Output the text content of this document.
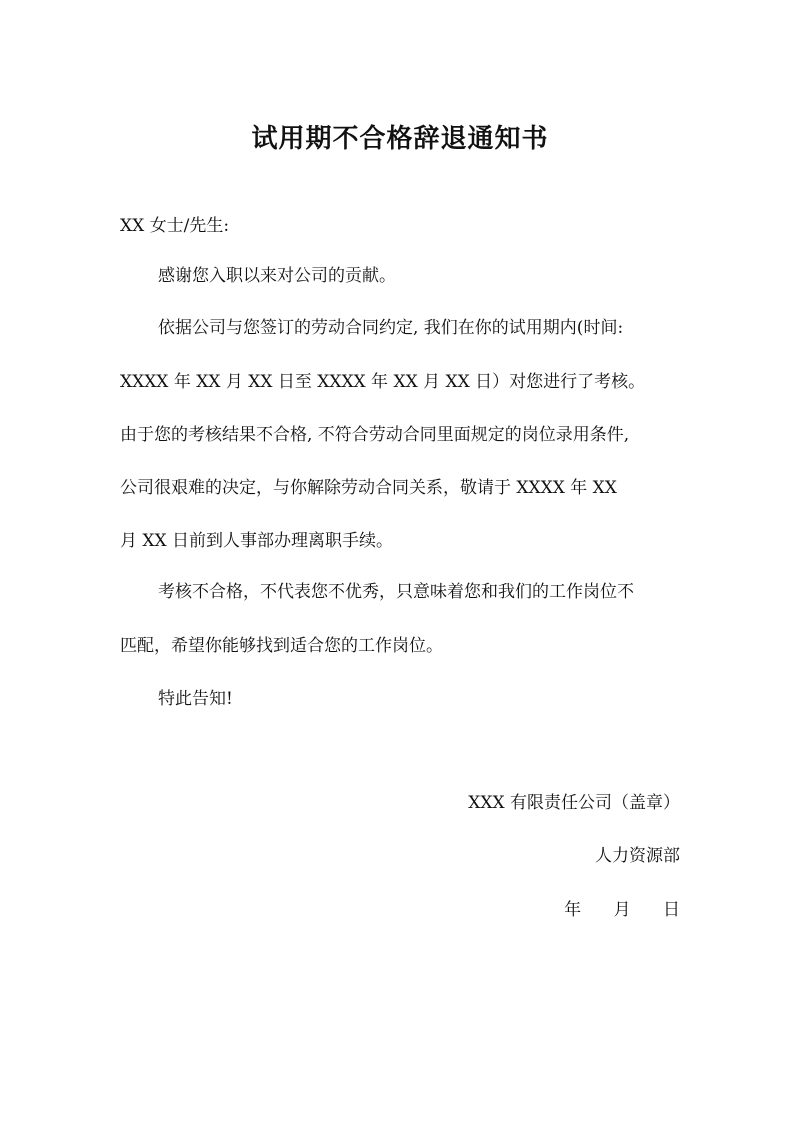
试用期不合格辞退通知书
XX 女士/先生:
感谢您入职以来对公司的贡献。
依据公司与您签订的劳动合同约定, 我们在你的试用期内(时间:
XXXX 年 XX 月 XX 日至 XXXX 年 XX 月 XX 日）对您进行了考核。
由于您的考核结果不合格, 不符合劳动合同里面规定的岗位录用条件,
公司很艰难的决定，与你解除劳动合同关系，敬请于 XXXX 年 XX
月 XX 日前到人事部办理离职手续。
考核不合格，不代表您不优秀，只意味着您和我们的工作岗位不
匹配，希望你能够找到适合您的工作岗位。
特此告知!
XXX 有限责任公司（盖章）
人力资源部
年 月 日
